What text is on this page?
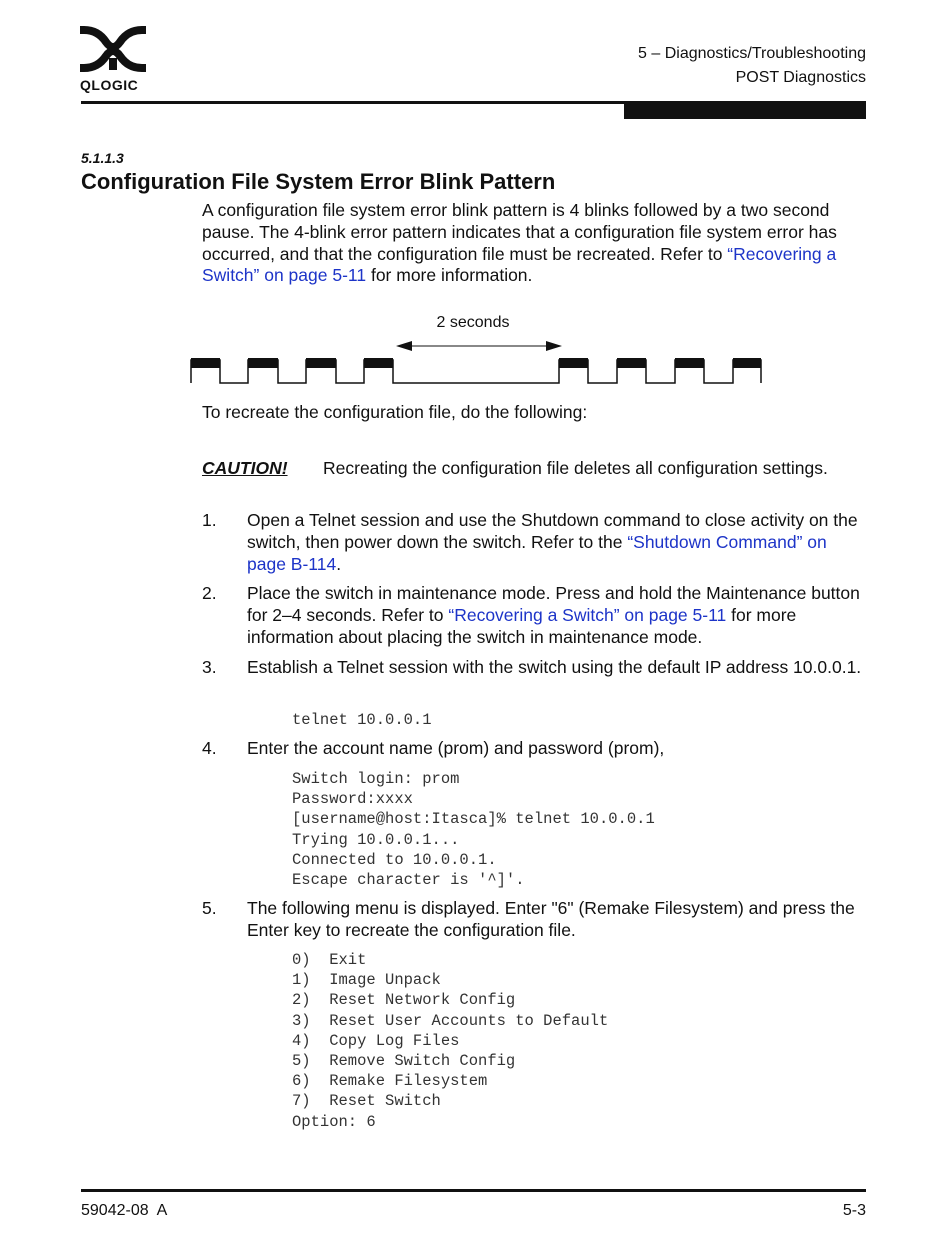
QLOGIC
5 – Diagnostics/Troubleshooting
POST Diagnostics
5.1.1.3
Configuration File System Error Blink Pattern
A configuration file system error blink pattern is 4 blinks followed by a two second pause. The 4-blink error pattern indicates that a configuration file system error has occurred, and that the configuration file must be recreated. Refer to “Recovering a Switch” on page 5-11 for more information.
2 seconds
To recreate the configuration file, do the following:
CAUTION! Recreating the configuration file deletes all configuration settings.
1. Open a Telnet session and use the Shutdown command to close activity on the switch, then power down the switch. Refer to the “Shutdown Command” on page B-114.
2. Place the switch in maintenance mode. Press and hold the Maintenance button for 2–4 seconds. Refer to “Recovering a Switch” on page 5-11 for more information about placing the switch in maintenance mode.
3. Establish a Telnet session with the switch using the default IP address 10.0.0.1.
telnet 10.0.0.1
4. Enter the account name (prom) and password (prom),
Switch login: prom
Password:xxxx
[username@host:Itasca]% telnet 10.0.0.1
Trying 10.0.0.1...
Connected to 10.0.0.1.
Escape character is '^]'.
5. The following menu is displayed. Enter "6" (Remake Filesystem) and press the Enter key to recreate the configuration file.
0)  Exit
1)  Image Unpack
2)  Reset Network Config
3)  Reset User Accounts to Default
4)  Copy Log Files
5)  Remove Switch Config
6)  Remake Filesystem
7)  Reset Switch
Option: 6
59042-08  A	5-3
